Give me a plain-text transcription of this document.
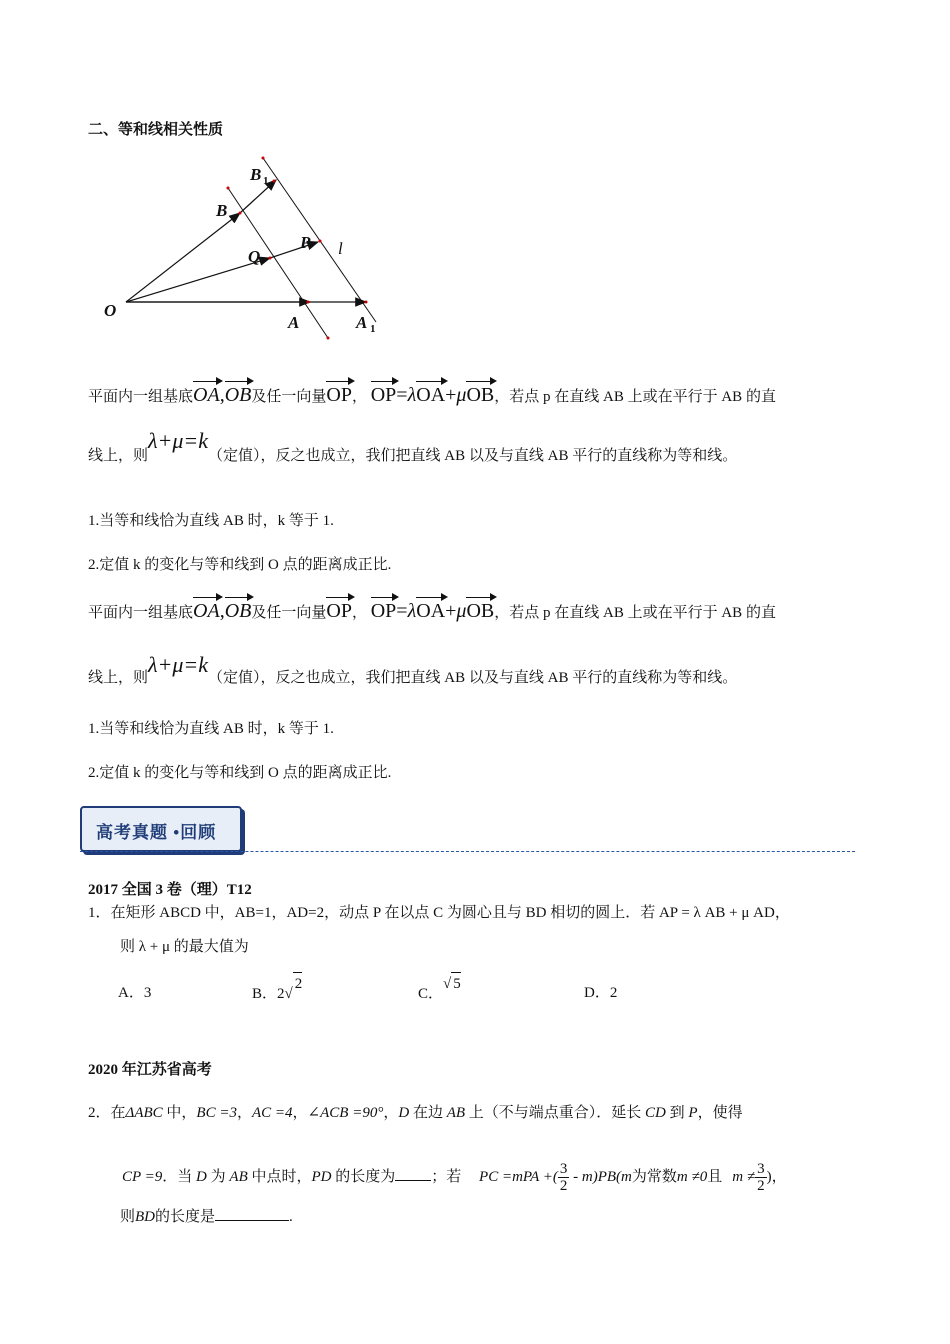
二、等和线相关性质
O
A	A 1
B
B 1
P
Q	l
平面内一组基底OA,OB及任一向量OP， OP=λOA+μOB，若点 p 在直线 AB 上或在平行于 AB 的直
线上，则λ+μ=k（定值），反之也成立，我们把直线 AB 以及与直线 AB 平行的直线称为等和线。
1.当等和线恰为直线 AB 时，k 等于 1.
2.定值 k 的变化与等和线到 O 点的距离成正比.
平面内一组基底OA,OB及任一向量OP， OP=λOA+μOB，若点 p 在直线 AB 上或在平行于 AB 的直
线上，则λ+μ=k（定值），反之也成立，我们把直线 AB 以及与直线 AB 平行的直线称为等和线。
1.当等和线恰为直线 AB 时，k 等于 1.
2.定值 k 的变化与等和线到 O 点的距离成正比.
高考真题 •回顾
2017 全国 3 卷（理）T12
1．在矩形 ABCD 中，AB=1，AD=2，动点 P 在以点 C 为圆心且与 BD 相切的圆上．若 AP = λ AB + μ AD，
则 λ + μ 的最大值为
A．3	B．2√2
C．√ 5
D．2
2020 年江苏省高考
2．在ΔABC 中，BC =3，AC =4，∠ACB =90°，D 在边 AB 上（不与端点重合）．延长 CD 到 P，使得
CP =9．当 D 为 AB 中点时，PD 的长度为 ；若 PC =mPA +( $\frac{3}{2} - m)PB(m$为常数m ≠0且 $m \ne \frac{3}{2}$ )，
则BD的长度是	.
